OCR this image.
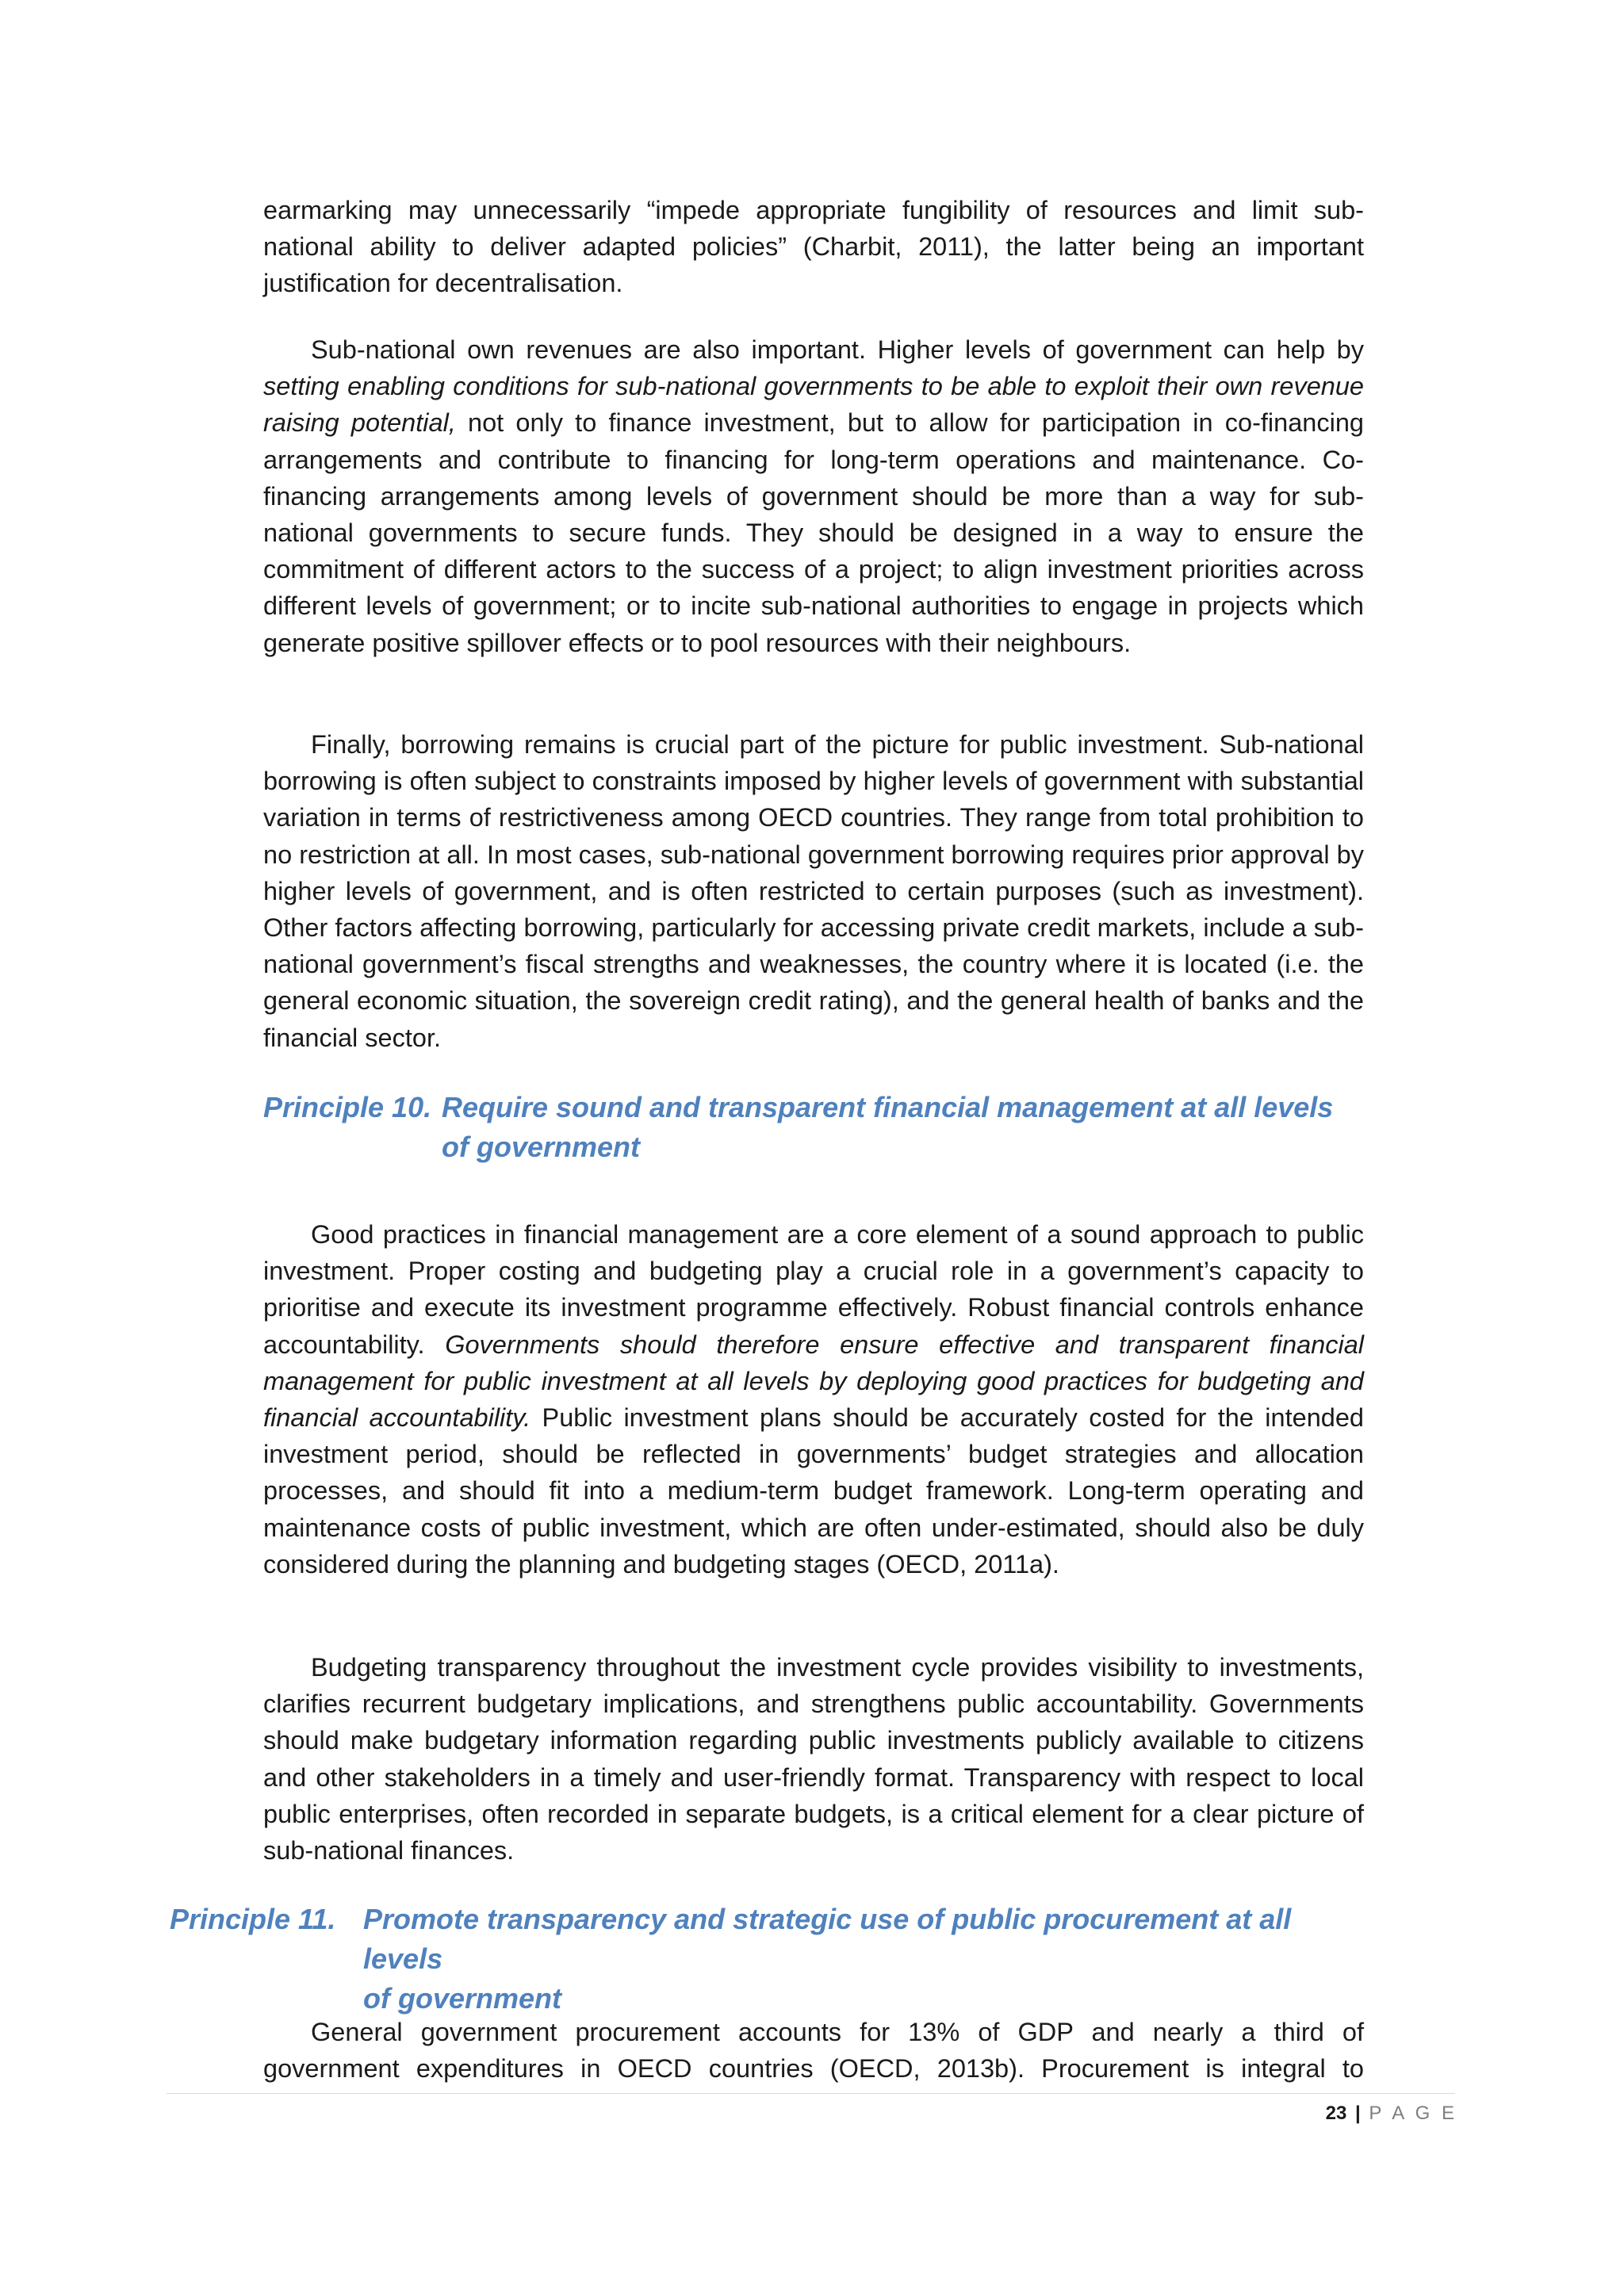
earmarking may unnecessarily “impede appropriate fungibility of resources and limit sub-national ability to deliver adapted policies” (Charbit, 2011), the latter being an important justification for decentralisation.

Sub-national own revenues are also important. Higher levels of government can help by setting enabling conditions for sub-national governments to be able to exploit their own revenue raising potential, not only to finance investment, but to allow for participation in co-financing arrangements and contribute to financing for long-term operations and maintenance. Co-financing arrangements among levels of government should be more than a way for sub-national governments to secure funds. They should be designed in a way to ensure the commitment of different actors to the success of a project; to align investment priorities across different levels of government; or to incite sub-national authorities to engage in projects which generate positive spillover effects or to pool resources with their neighbours.

Finally, borrowing remains is crucial part of the picture for public investment. Sub-national borrowing is often subject to constraints imposed by higher levels of government with substantial variation in terms of restrictiveness among OECD countries. They range from total prohibition to no restriction at all. In most cases, sub-national government borrowing requires prior approval by higher levels of government, and is often restricted to certain purposes (such as investment). Other factors affecting borrowing, particularly for accessing private credit markets, include a sub-national government’s fiscal strengths and weaknesses, the country where it is located (i.e. the general economic situation, the sovereign credit rating), and the general health of banks and the financial sector.

Principle 10. Require sound and transparent financial management at all levels
of government

Good practices in financial management are a core element of a sound approach to public investment. Proper costing and budgeting play a crucial role in a government’s capacity to prioritise and execute its investment programme effectively. Robust financial controls enhance accountability. Governments should therefore ensure effective and transparent financial management for public investment at all levels by deploying good practices for budgeting and financial accountability. Public investment plans should be accurately costed for the intended investment period, should be reflected in governments’ budget strategies and allocation processes, and should fit into a medium-term budget framework. Long-term operating and maintenance costs of public investment, which are often under-estimated, should also be duly considered during the planning and budgeting stages (OECD, 2011a).

Budgeting transparency throughout the investment cycle provides visibility to investments, clarifies recurrent budgetary implications, and strengthens public accountability. Governments should make budgetary information regarding public investments publicly available to citizens and other stakeholders in a timely and user-friendly format. Transparency with respect to local public enterprises, often recorded in separate budgets, is a critical element for a clear picture of sub-national finances.

Principle 11. Promote transparency and strategic use of public procurement at all levels
of government

General government procurement accounts for 13% of GDP and nearly a third of government expenditures in OECD countries (OECD, 2013b). Procurement is integral to

23 | P A G E
